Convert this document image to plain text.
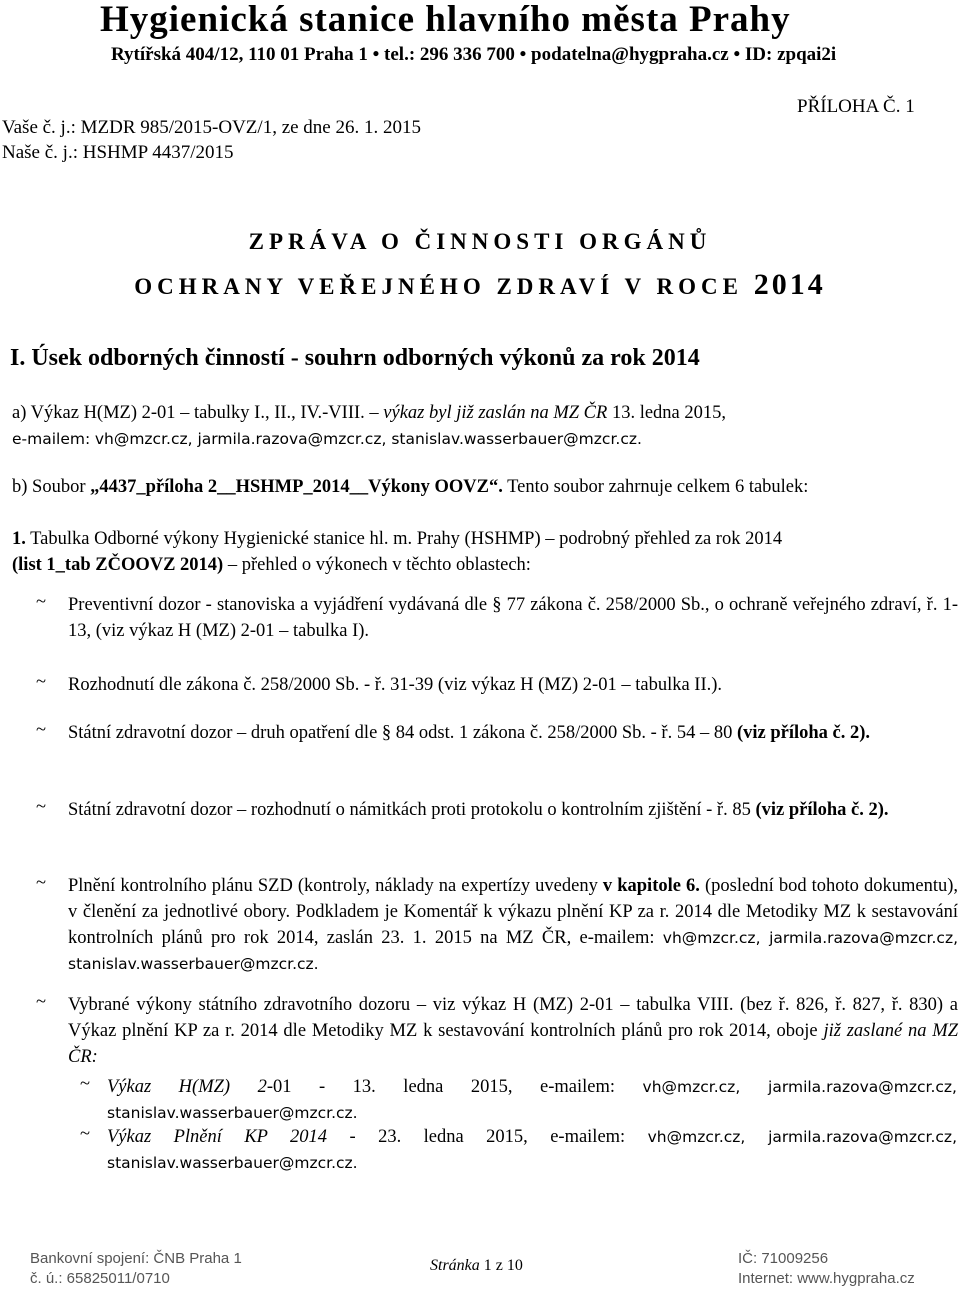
Hygienická stanice hlavního města Prahy
Rytířská 404/12, 110 01 Praha 1 • tel.: 296 336 700 • podatelna@hygpraha.cz • ID: zpqai2i
Vaše č. j.: MZDR 985/2015-OVZ/1, ze dne 26. 1. 2015
Naše č. j.: HSHMP 4437/2015
PŘÍLOHA Č. 1
ZPRÁVA O ČINNOSTI ORGÁNŮ
OCHRANY VEŘEJNÉHO ZDRAVÍ V ROCE 2014
I. Úsek odborných činností - souhrn odborných výkonů za rok 2014
a) Výkaz H(MZ) 2-01 – tabulky I., II., IV.-VIII. – výkaz byl již zaslán na MZ ČR 13. ledna 2015,
e-mailem: vh@mzcr.cz, jarmila.razova@mzcr.cz, stanislav.wasserbauer@mzcr.cz.
b) Soubor „4437_příloha 2__HSHMP_2014__Výkony OOVZ“. Tento soubor zahrnuje celkem 6 tabulek:
1. Tabulka Odborné výkony Hygienické stanice hl. m. Prahy (HSHMP) – podrobný přehled za rok 2014
(list 1_tab ZČOOVZ 2014) – přehled o výkonech v těchto oblastech:
~ Preventivní dozor - stanoviska a vyjádření vydávaná dle § 77 zákona č. 258/2000 Sb., o ochraně veřejného zdraví, ř. 1-13, (viz výkaz H (MZ) 2-01 – tabulka I).
~ Rozhodnutí dle zákona č. 258/2000 Sb. - ř. 31-39 (viz výkaz H (MZ) 2-01 – tabulka II.).
~ Státní zdravotní dozor – druh opatření dle § 84 odst. 1 zákona č. 258/2000 Sb. - ř. 54 – 80 (viz příloha č. 2).
~ Státní zdravotní dozor – rozhodnutí o námitkách proti protokolu o kontrolním zjištění - ř. 85 (viz příloha č. 2).
~ Plnění kontrolního plánu SZD (kontroly, náklady na expertízy uvedeny v kapitole 6. (poslední bod tohoto dokumentu), v členění za jednotlivé obory. Podkladem je Komentář k výkazu plnění KP za r. 2014 dle Metodiky MZ k sestavování kontrolních plánů pro rok 2014, zaslán 23. 1. 2015 na MZ ČR, e-mailem: vh@mzcr.cz, jarmila.razova@mzcr.cz, stanislav.wasserbauer@mzcr.cz.
~ Vybrané výkony státního zdravotního dozoru – viz výkaz H (MZ) 2-01 – tabulka VIII. (bez ř. 826, ř. 827, ř. 830) a Výkaz plnění KP za r. 2014 dle Metodiky MZ k sestavování kontrolních plánů pro rok 2014, oboje již zaslané na MZ ČR:
~ Výkaz H(MZ) 2-01 - 13. ledna 2015, e-mailem: vh@mzcr.cz, jarmila.razova@mzcr.cz, stanislav.wasserbauer@mzcr.cz.
~ Výkaz Plnění KP 2014 - 23. ledna 2015, e-mailem: vh@mzcr.cz, jarmila.razova@mzcr.cz, stanislav.wasserbauer@mzcr.cz.
Bankovní spojení: ČNB Praha 1
č. ú.: 65825011/0710
Stránka 1 z 10	IČ: 71009256
Internet: www.hygpraha.cz
